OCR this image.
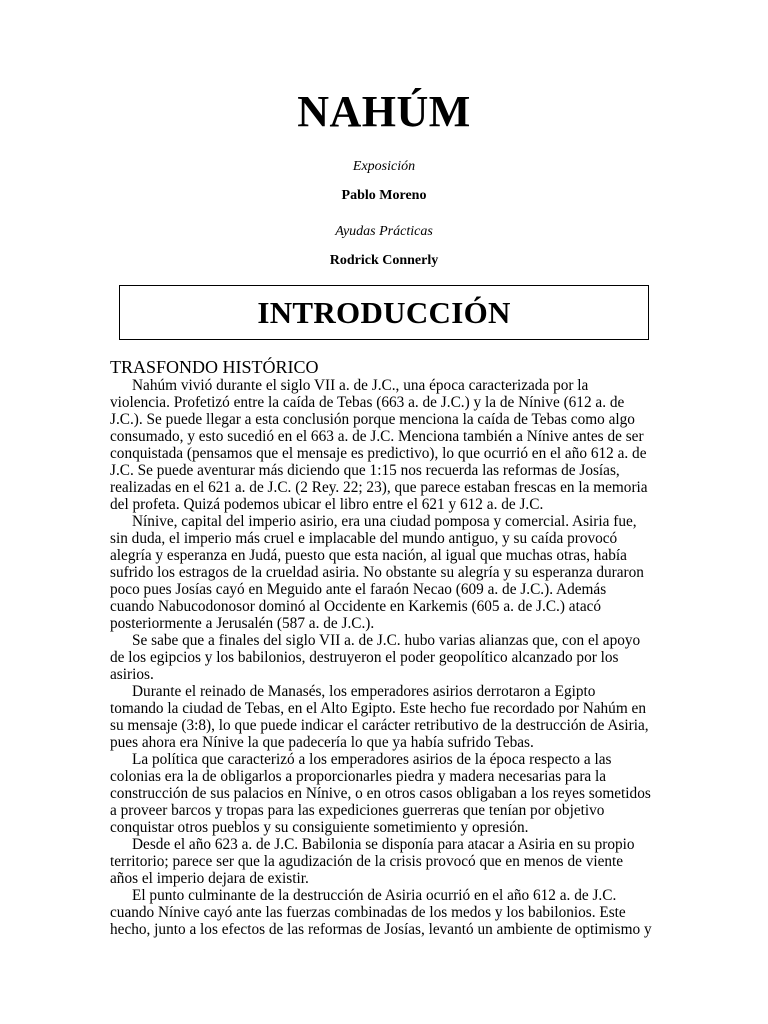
NAHÚM
Exposición
Pablo Moreno
Ayudas Prácticas
Rodrick Connerly
INTRODUCCIÓN
TRASFONDO HISTÓRICO
Nahúm vivió durante el siglo VII a. de J.C., una época caracterizada por la
violencia. Profetizó entre la caída de Tebas (663 a. de J.C.) y la de Nínive (612 a. de
J.C.). Se puede llegar a esta conclusión porque menciona la caída de Tebas como algo
consumado, y esto sucedió en el 663 a. de J.C. Menciona también a Nínive antes de ser
conquistada (pensamos que el mensaje es predictivo), lo que ocurrió en el año 612 a. de
J.C. Se puede aventurar más diciendo que 1:15 nos recuerda las reformas de Josías,
realizadas en el 621 a. de J.C. (2 Rey. 22; 23), que parece estaban frescas en la memoria
del profeta. Quizá podemos ubicar el libro entre el 621 y 612 a. de J.C.
Nínive, capital del imperio asirio, era una ciudad pomposa y comercial. Asiria fue,
sin duda, el imperio más cruel e implacable del mundo antiguo, y su caída provocó
alegría y esperanza en Judá, puesto que esta nación, al igual que muchas otras, había
sufrido los estragos de la crueldad asiria. No obstante su alegría y su esperanza duraron
poco pues Josías cayó en Meguido ante el faraón Necao (609 a. de J.C.). Además
cuando Nabucodonosor dominó al Occidente en Karkemis (605 a. de J.C.) atacó
posteriormente a Jerusalén (587 a. de J.C.).
Se sabe que a finales del siglo VII a. de J.C. hubo varias alianzas que, con el apoyo
de los egipcios y los babilonios, destruyeron el poder geopolítico alcanzado por los
asirios.
Durante el reinado de Manasés, los emperadores asirios derrotaron a Egipto
tomando la ciudad de Tebas, en el Alto Egipto. Este hecho fue recordado por Nahúm en
su mensaje (3:8), lo que puede indicar el carácter retributivo de la destrucción de Asiria,
pues ahora era Nínive la que padecería lo que ya había sufrido Tebas.
La política que caracterizó a los emperadores asirios de la época respecto a las
colonias era la de obligarlos a proporcionarles piedra y madera necesarias para la
construcción de sus palacios en Nínive, o en otros casos obligaban a los reyes sometidos
a proveer barcos y tropas para las expediciones guerreras que tenían por objetivo
conquistar otros pueblos y su consiguiente sometimiento y opresión.
Desde el año 623 a. de J.C. Babilonia se disponía para atacar a Asiria en su propio
territorio; parece ser que la agudización de la crisis provocó que en menos de viente
años el imperio dejara de existir.
El punto culminante de la destrucción de Asiria ocurrió en el año 612 a. de J.C.
cuando Nínive cayó ante las fuerzas combinadas de los medos y los babilonios. Este
hecho, junto a los efectos de las reformas de Josías, levantó un ambiente de optimismo y
